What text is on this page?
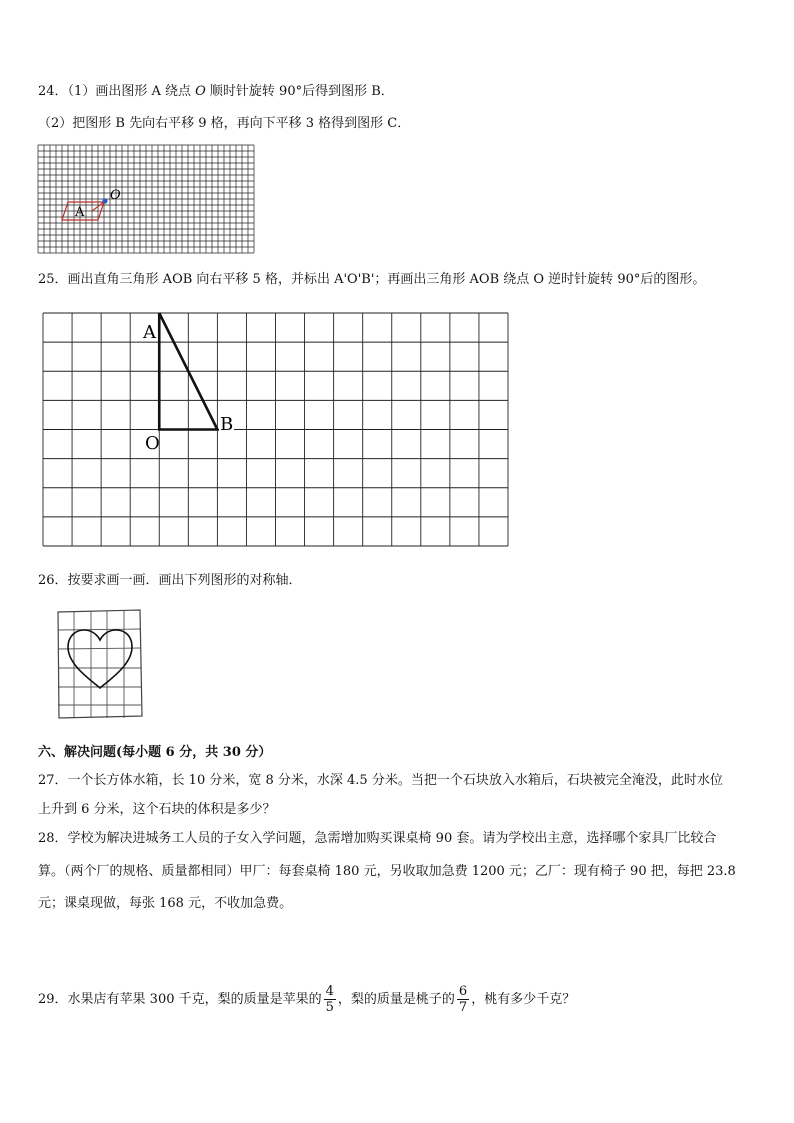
24．（1）画出图形 A 绕点 O 顺时针旋转 90°后得到图形 B．
（2）把图形 B 先向右平移 9 格，再向下平移 3 格得到图形 C．
A
O
25．画出直角三角形 AOB 向右平移 5 格，并标出 A'O'B'；再画出三角形 AOB 绕点 O 逆时针旋转 90°后的图形。
A
B
O
26．按要求画一画．画出下列图形的对称轴．
六、解决问题(每小题 6 分，共 30 分）
27．一个长方体水箱，长 10 分米，宽 8 分米，水深 4.5 分米。当把一个石块放入水箱后，石块被完全淹没，此时水位
上升到 6 分米，这个石块的体积是多少？
28．学校为解决进城务工人员的子女入学问题，急需增加购买课桌椅 90 套。请为学校出主意，选择哪个家具厂比较合
算。（两个厂的规格、质量都相同）甲厂：每套桌椅 180 元，另收取加急费 1200 元；乙厂：现有椅子 90 把，每把 23.8
元；课桌现做，每张 168 元，不收加急费。
29．水果店有苹果 300 千克，梨的质量是苹果的 $\frac{4}{5}$ ，梨的质量是桃子的 $\frac{6}{7}$ ，桃有多少千克？
